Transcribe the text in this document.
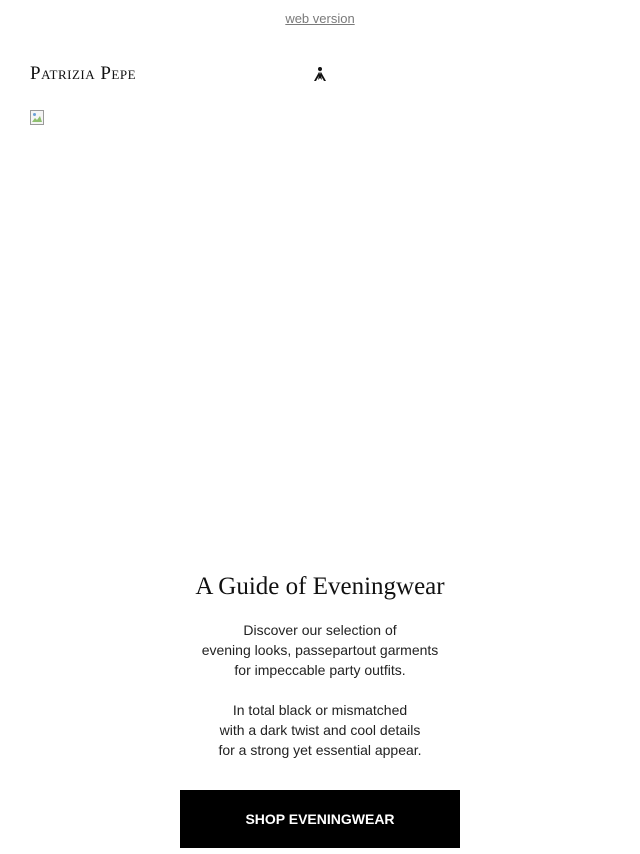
web version
Patrizia Pepe
A Guide of Eveningwear
Discover our selection of
evening looks, passepartout garments
for impeccable party outfits.
In total black or mismatched
with a dark twist and cool details
for a strong yet essential appear.
SHOP EVENINGWEAR
